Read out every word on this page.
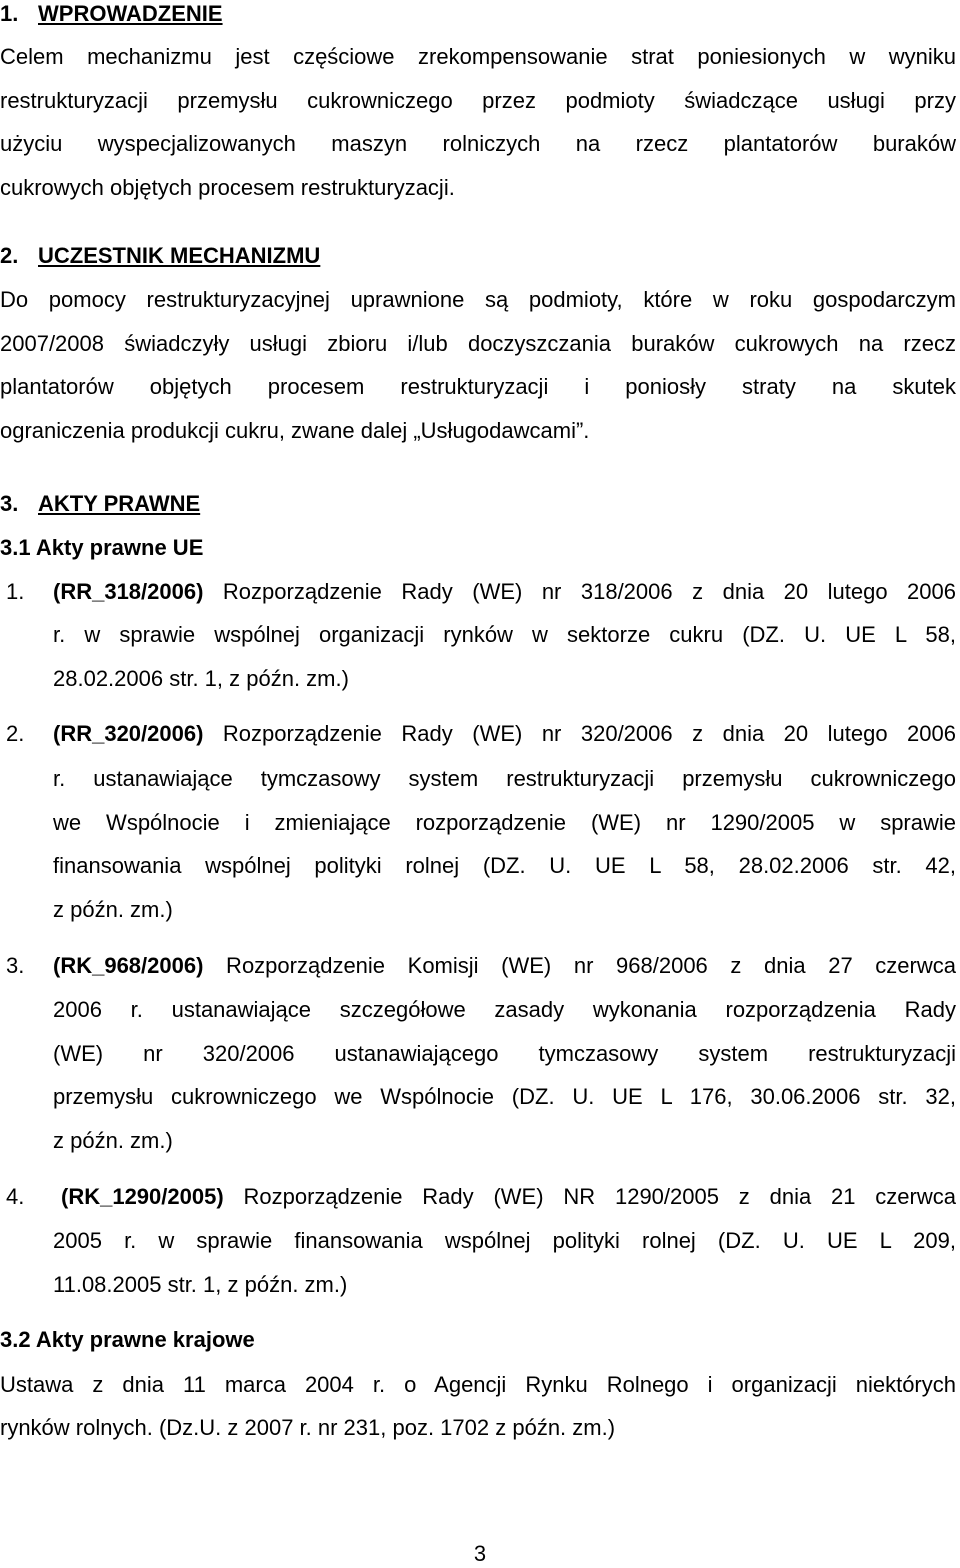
1. WPROWADZENIE
Celem mechanizmu jest częściowe zrekompensowanie strat poniesionych w wyniku
restrukturyzacji przemysłu cukrowniczego przez podmioty świadczące usługi przy
użyciu wyspecjalizowanych maszyn rolniczych na rzecz plantatorów buraków
cukrowych objętych procesem restrukturyzacji.
2. UCZESTNIK MECHANIZMU
Do pomocy restrukturyzacyjnej uprawnione są podmioty, które w roku gospodarczym
2007/2008 świadczyły usługi zbioru i/lub doczyszczania buraków cukrowych na rzecz
plantatorów objętych procesem restrukturyzacji i poniosły straty na skutek
ograniczenia produkcji cukru, zwane dalej „Usługodawcami”.
3. AKTY PRAWNE
3.1 Akty prawne UE
1. (RR_318/2006) Rozporządzenie Rady (WE) nr 318/2006 z dnia 20 lutego 2006
r. w sprawie wspólnej organizacji rynków w sektorze cukru (DZ. U. UE L 58,
28.02.2006 str. 1, z późn. zm.)
2. (RR_320/2006) Rozporządzenie Rady (WE) nr 320/2006 z dnia 20 lutego 2006
r. ustanawiające tymczasowy system restrukturyzacji przemysłu cukrowniczego
we Wspólnocie i zmieniające rozporządzenie (WE) nr 1290/2005 w sprawie
finansowania wspólnej polityki rolnej (DZ. U. UE L 58, 28.02.2006 str. 42,
z późn. zm.)
3. (RK_968/2006) Rozporządzenie Komisji (WE) nr 968/2006 z dnia 27 czerwca
2006 r. ustanawiające szczegółowe zasady wykonania rozporządzenia Rady
(WE) nr 320/2006 ustanawiającego tymczasowy system restrukturyzacji
przemysłu cukrowniczego we Wspólnocie (DZ. U. UE L 176, 30.06.2006 str. 32,
z późn. zm.)
4. (RK_1290/2005) Rozporządzenie Rady (WE) NR 1290/2005 z dnia 21 czerwca
2005 r. w sprawie finansowania wspólnej polityki rolnej (DZ. U. UE L 209,
11.08.2005 str. 1, z późn. zm.)
3.2 Akty prawne krajowe
Ustawa z dnia 11 marca 2004 r. o Agencji Rynku Rolnego i organizacji niektórych
rynków rolnych. (Dz.U. z 2007 r. nr 231, poz. 1702 z późn. zm.)
3
